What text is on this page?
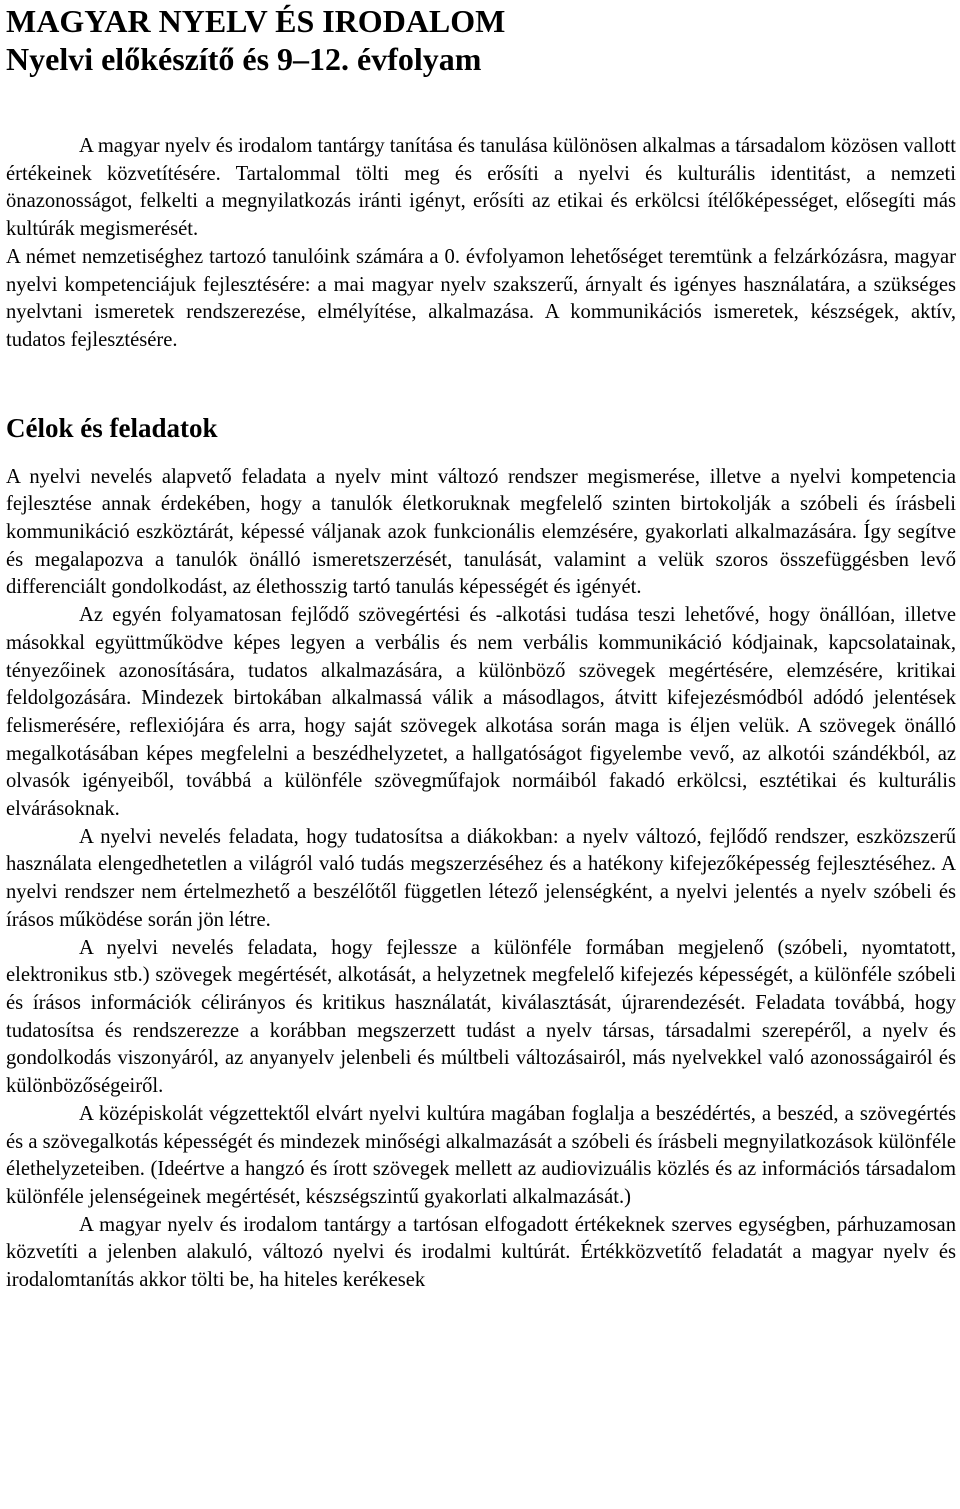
MAGYAR NYELV ÉS IRODALOM
Nyelvi előkészítő és 9–12. évfolyam

A magyar nyelv és irodalom tantárgy tanítása és tanulása különösen alkalmas a társadalom közösen vallott értékeinek közvetítésére. Tartalommal tölti meg és erősíti a nyelvi és kulturális identitást, a nemzeti önazonosságot, felkelti a megnyilatkozás iránti igényt, erősíti az etikai és erkölcsi ítélőképességet, elősegíti más kultúrák megismerését.

A német nemzetiséghez tartozó tanulóink számára a 0. évfolyamon lehetőséget teremtünk a felzárkózásra, magyar nyelvi kompetenciájuk fejlesztésére: a mai magyar nyelv szakszerű, árnyalt és igényes használatára, a szükséges nyelvtani ismeretek rendszerezése, elmélyítése, alkalmazása. A kommunikációs ismeretek, készségek, aktív, tudatos fejlesztésére.

Célok és feladatok

A nyelvi nevelés alapvető feladata a nyelv mint változó rendszer megismerése, illetve a nyelvi kompetencia fejlesztése annak érdekében, hogy a tanulók életkoruknak megfelelő szinten birtokolják a szóbeli és írásbeli kommunikáció eszköztárát, képessé váljanak azok funkcionális elemzésére, gyakorlati alkalmazására. Így segítve és megalapozva a tanulók önálló ismeretszerzését, tanulását, valamint a velük szoros összefüggésben levő differenciált gondolkodást, az élethosszig tartó tanulás képességét és igényét.

Az egyén folyamatosan fejlődő szövegértési és -alkotási tudása teszi lehetővé, hogy önállóan, illetve másokkal együttműködve képes legyen a verbális és nem verbális kommunikáció kódjainak, kapcsolatainak, tényezőinek azonosítására, tudatos alkalmazására, a különböző szövegek megértésére, elemzésére, kritikai feldolgozására. Mindezek birtokában alkalmassá válik a másodlagos, átvitt kifejezésmódból adódó jelentések felismerésére, reflexiójára és arra, hogy saját szövegek alkotása során maga is éljen velük. A szövegek önálló megalkotásában képes megfelelni a beszédhelyzetet, a hallgatóságot figyelembe vevő, az alkotói szándékból, az olvasók igényeiből, továbbá a különféle szövegműfajok normáiból fakadó erkölcsi, esztétikai és kulturális elvárásoknak.

A nyelvi nevelés feladata, hogy tudatosítsa a diákokban: a nyelv változó, fejlődő rendszer, eszközszerű használata elengedhetetlen a világról való tudás megszerzéséhez és a hatékony kifejezőképesség fejlesztéséhez. A nyelvi rendszer nem értelmezhető a beszélőtől független létező jelenségként, a nyelvi jelentés a nyelv szóbeli és írásos működése során jön létre.

A nyelvi nevelés feladata, hogy fejlessze a különféle formában megjelenő (szóbeli, nyomtatott, elektronikus stb.) szövegek megértését, alkotását, a helyzetnek megfelelő kifejezés képességét, a különféle szóbeli és írásos információk célirányos és kritikus használatát, kiválasztását, újrarendezését. Feladata továbbá, hogy tudatosítsa és rendszerezze a korábban megszerzett tudást a nyelv társas, társadalmi szerepéről, a nyelv és gondolkodás viszonyáról, az anyanyelv jelenbeli és múltbeli változásairól, más nyelvekkel való azonosságairól és különbözőségeiről.

A középiskolát végzettektől elvárt nyelvi kultúra magában foglalja a beszédértés, a beszéd, a szövegértés és a szövegalkotás képességét és mindezek minőségi alkalmazását a szóbeli és írásbeli megnyilatkozások különféle élethelyzeteiben. (Ideértve a hangzó és írott szövegek mellett az audiovizuális közlés és az információs társadalom különféle jelenségeinek megértését, készségszintű gyakorlati alkalmazását.)

A magyar nyelv és irodalom tantárgy a tartósan elfogadott értékeknek szerves egységben, párhuzamosan közvetíti a jelenben alakuló, változó nyelvi és irodalmi kultúrát. Értékközvetítő feladatát a magyar nyelv és irodalomtanítás akkor tölti be, ha hiteles kerékesek
